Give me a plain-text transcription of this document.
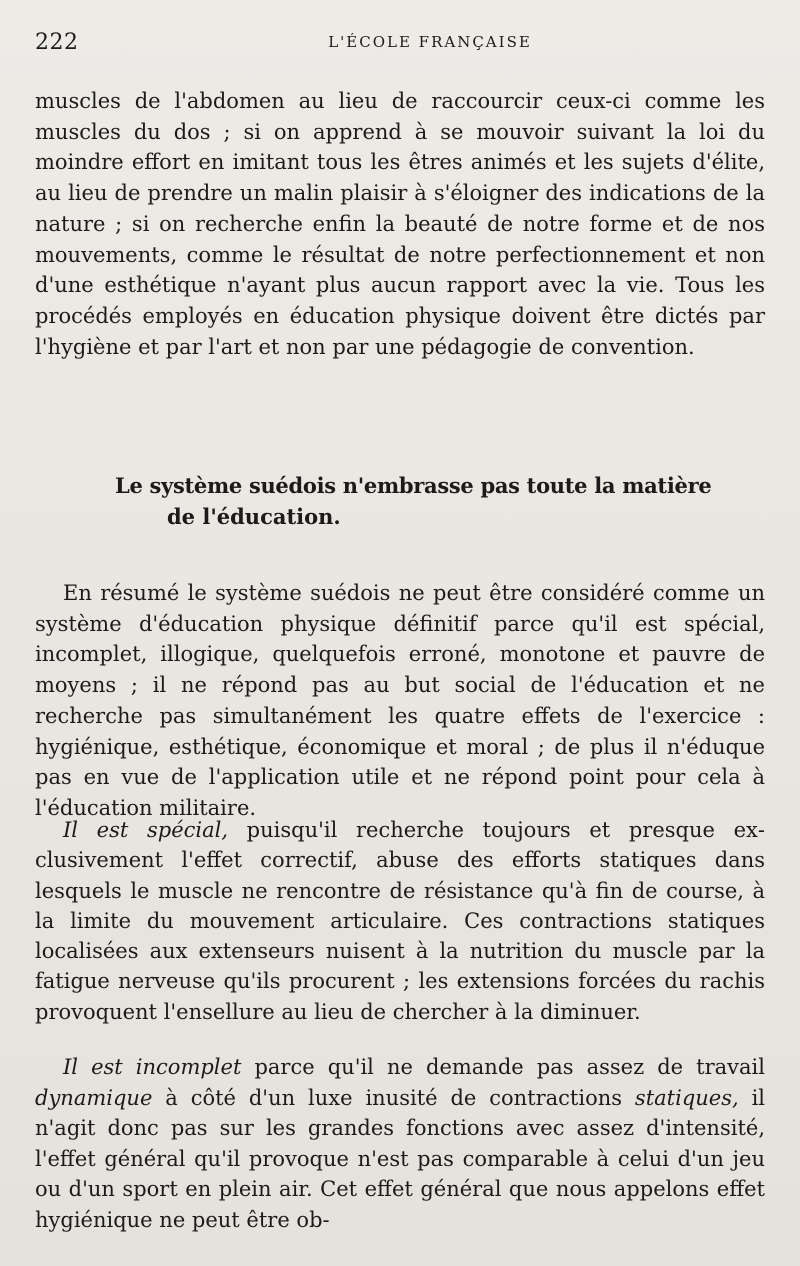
222	L'ÉCOLE FRANÇAISE

muscles de l'abdomen au lieu de raccourcir ceux-ci comme les muscles du dos ; si on apprend à se mouvoir suivant la loi du moindre effort en imitant tous les êtres animés et les sujets d'élite, au lieu de prendre un malin plaisir à s'éloigner des indications de la nature ; si on recherche enfin la beauté de notre forme et de nos mouvements, comme le résultat de notre perfectionnement et non d'une esthétique n'ayant plus aucun rapport avec la vie. Tous les procédés employés en éducation physique doivent être dictés par l'hygiène et par l'art et non par une pédagogie de convention.

Le système suédois n'embrasse pas toute la matière
de l'éducation.

En résumé le système suédois ne peut être considéré comme un système d'éducation physique définitif parce qu'il est spécial, incomplet, illogique, quelquefois erroné, monotone et pauvre de moyens ; il ne répond pas au but social de l'éducation et ne recherche pas simultanément les quatre effets de l'exercice : hygiénique, esthétique, économique et moral ; de plus il n'éduque pas en vue de l'application utile et ne répond point pour cela à l'éducation militaire.

Il est spécial, puisqu'il recherche toujours et presque exclusivement l'effet correctif, abuse des efforts statiques dans lesquels le muscle ne rencontre de résistance qu'à fin de course, à la limite du mouvement articulaire. Ces contractions statiques localisées aux extenseurs nuisent à la nutrition du muscle par la fatigue nerveuse qu'ils procurent ; les extensions forcées du rachis provoquent l'ensellure au lieu de chercher à la diminuer.

Il est incomplet parce qu'il ne demande pas assez de travail dynamique à côté d'un luxe inusité de contractions statiques, il n'agit donc pas sur les grandes fonctions avec assez d'intensité, l'effet général qu'il provoque n'est pas comparable à celui d'un jeu ou d'un sport en plein air. Cet effet général que nous appelons effet hygiénique ne peut être ob-
